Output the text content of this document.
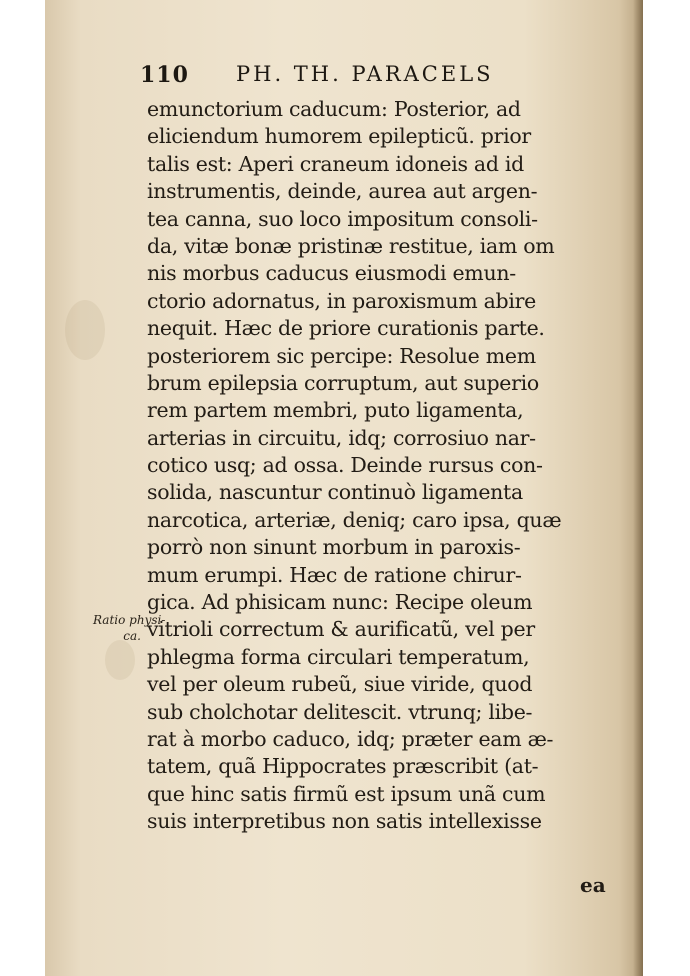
110 PH. TH. PARACELS
emunctorium caducum: Posterior, ad
eliciendum humorem epilepticũ. prior
talis est: Aperi craneum idoneis ad id
instrumentis, deinde, aurea aut argen-
tea canna, suo loco impositum consoli-
da, vitæ bonæ pristinæ restitue, iam om
nis morbus caducus eiusmodi emun-
ctorio adornatus, in paroxismum abire
nequit. Hæc de priore curationis parte.
posteriorem sic percipe: Resolue mem
brum epilepsia corruptum, aut superio
rem partem membri, puto ligamenta,
arterias in circuitu, idq; corrosiuo nar-
cotico usq; ad ossa. Deinde rursus con-
solida, nascuntur continuò ligamenta
narcotica, arteriæ, deniq; caro ipsa, quæ
porrò non sinunt morbum in paroxis-
mum erumpi. Hæc de ratione chirur-
gica. Ad phisicam nunc: Recipe oleum
vitrioli correctum & aurificatũ, vel per
phlegma forma circulari temperatum,
vel per oleum rubeũ, siue viride, quod
sub cholchotar delitescit. vtrunq; libe-
rat à morbo caduco, idq; præter eam æ-
tatem, quã Hippocrates præscribit (at-
que hinc satis firmũ est ipsum unã cum
suis interpretibus non satis intellexisse
Ratio physi-
ca.
ea
